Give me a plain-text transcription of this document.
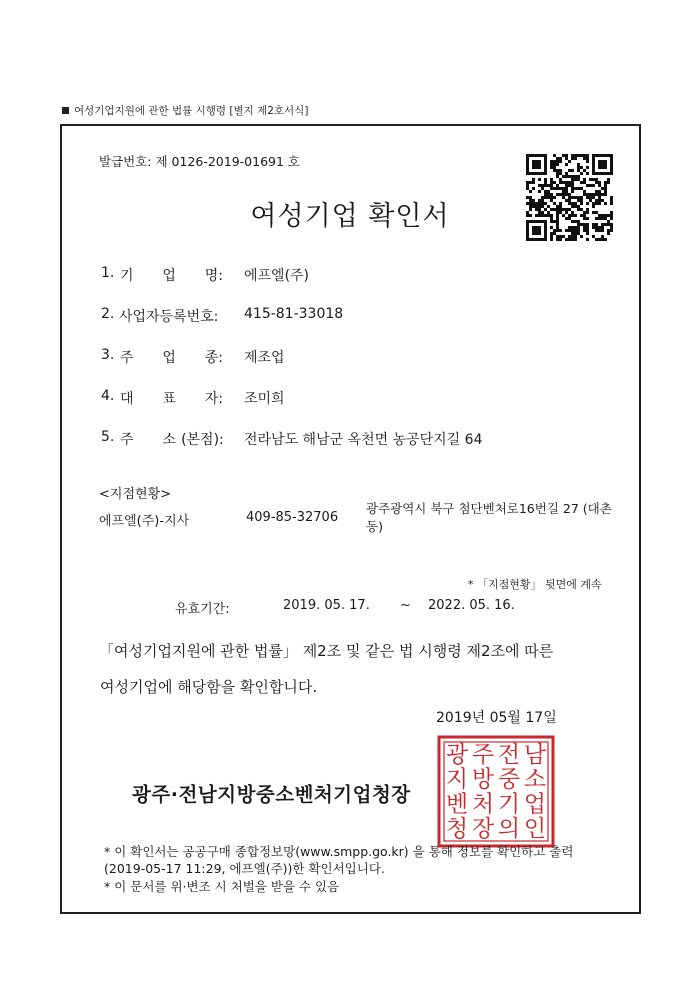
여성기업지원에 관한 법률 시행령 [별지 제2호서식]
발급번호: 제 0126-2019-01691 호
여성기업 확인서
1. 기 업 명: 에프엘(주)
2. 사업자등록번호: 415-81-33018
3. 주 업 종: 제조업
4. 대 표 자: 조미희
5. 주 소 (본점): 전라남도 해남군 옥천면 농공단지길 64
<지점현황>
에프엘(주)-지사	409-85-32706
광주광역시 북구 첨단벤처로16번길 27 (대촌동)
* 「지점현황」 뒷면에 계속
유효기간:	2019. 05. 17. ~ 2022. 05. 16.
「여성기업지원에 관한 법률」 제2조 및 같은 법 시행령 제2조에 따른
여성기업에 해당함을 확인합니다.
2019년 05월 17일
광주·전남지방중소벤처기업청장
광 주 전 남
지 방 중 소
벤 처 기 업
청 장 의 인
* 이 확인서는 공공구매 종합정보망(www.smpp.go.kr) 을 통해 정보를 확인하고 출력
(2019-05-17 11:29, 에프엘(주))한 확인서입니다.
* 이 문서를 위·변조 시 처벌을 받을 수 있음
